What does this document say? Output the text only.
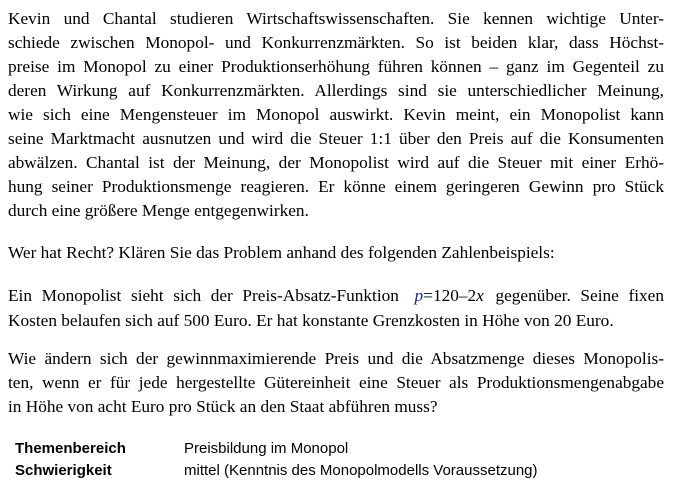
Kevin und Chantal studieren Wirtschaftswissenschaften. Sie kennen wichtige Unter-
schiede zwischen Monopol- und Konkurrenzmärkten. So ist beiden klar, dass Höchst-
preise im Monopol zu einer Produktionserhöhung führen können – ganz im Gegenteil zu
deren Wirkung auf Konkurrenzmärkten. Allerdings sind sie unterschiedlicher Meinung,
wie sich eine Mengensteuer im Monopol auswirkt. Kevin meint, ein Monopolist kann
seine Marktmacht ausnutzen und wird die Steuer 1:1 über den Preis auf die Konsumenten
abwälzen. Chantal ist der Meinung, der Monopolist wird auf die Steuer mit einer Erhö-
hung seiner Produktionsmenge reagieren. Er könne einem geringeren Gewinn pro Stück
durch eine größere Menge entgegenwirken.
Wer hat Recht? Klären Sie das Problem anhand des folgenden Zahlenbeispiels:
Ein Monopolist sieht sich der Preis-Absatz-Funktion p=120–2x gegenüber. Seine fixen
Kosten belaufen sich auf 500 Euro. Er hat konstante Grenzkosten in Höhe von 20 Euro.
Wie ändern sich der gewinnmaximierende Preis und die Absatzmenge dieses Monopolis-
ten, wenn er für jede hergestellte Gütereinheit eine Steuer als Produktionsmengenabgabe
in Höhe von acht Euro pro Stück an den Staat abführen muss?
Themenbereich	Preisbildung im Monopol
Schwierigkeit	mittel (Kenntnis des Monopolmodells Voraussetzung)
